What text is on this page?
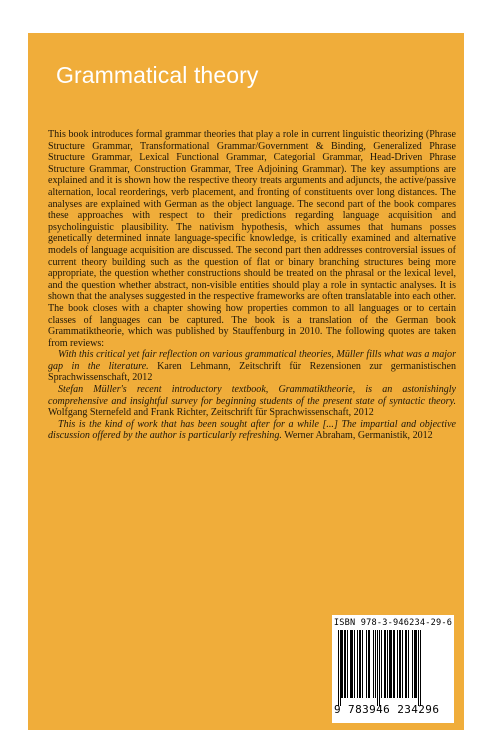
Grammatical theory

This book introduces formal grammar theories that play a role in current linguistic theorizing (Phrase Structure Grammar, Transformational Grammar/Government & Binding, Generalized Phrase Structure Grammar, Lexical Functional Grammar, Categorial Grammar, Head-Driven Phrase Structure Grammar, Construction Grammar, Tree Adjoining Grammar). The key assumptions are explained and it is shown how the respective theory treats arguments and adjuncts, the active/passive alternation, local reorderings, verb placement, and fronting of constituents over long distances. The analyses are explained with German as the object language. The second part of the book compares these approaches with respect to their predictions regarding language acquisition and psycholinguistic plausibility. The nativism hypothesis, which assumes that humans posses genetically determined innate language-specific knowledge, is critically examined and alternative models of language acquisition are discussed. The second part then addresses controversial issues of current theory building such as the question of flat or binary branching structures being more appropriate, the question whether constructions should be treated on the phrasal or the lexical level, and the question whether abstract, non-visible entities should play a role in syntactic analyses. It is shown that the analyses suggested in the respective frameworks are often translatable into each other. The book closes with a chapter showing how properties common to all languages or to certain classes of languages can be captured. The book is a translation of the German book Grammatiktheorie, which was published by Stauffenburg in 2010. The following quotes are taken from reviews:

With this critical yet fair reflection on various grammatical theories, Müller fills what was a major gap in the literature. Karen Lehmann, Zeitschrift für Rezensionen zur germanistischen Sprachwissenschaft, 2012

Stefan Müller's recent introductory textbook, Grammatiktheorie, is an astonishingly comprehensive and insightful survey for beginning students of the present state of syntactic theory. Wolfgang Sternefeld and Frank Richter, Zeitschrift für Sprachwissenschaft, 2012

This is the kind of work that has been sought after for a while [...] The impartial and objective discussion offered by the author is particularly refreshing. Werner Abraham, Germanistik, 2012

ISBN 978-3-946234-29-6
9 783946 234296
